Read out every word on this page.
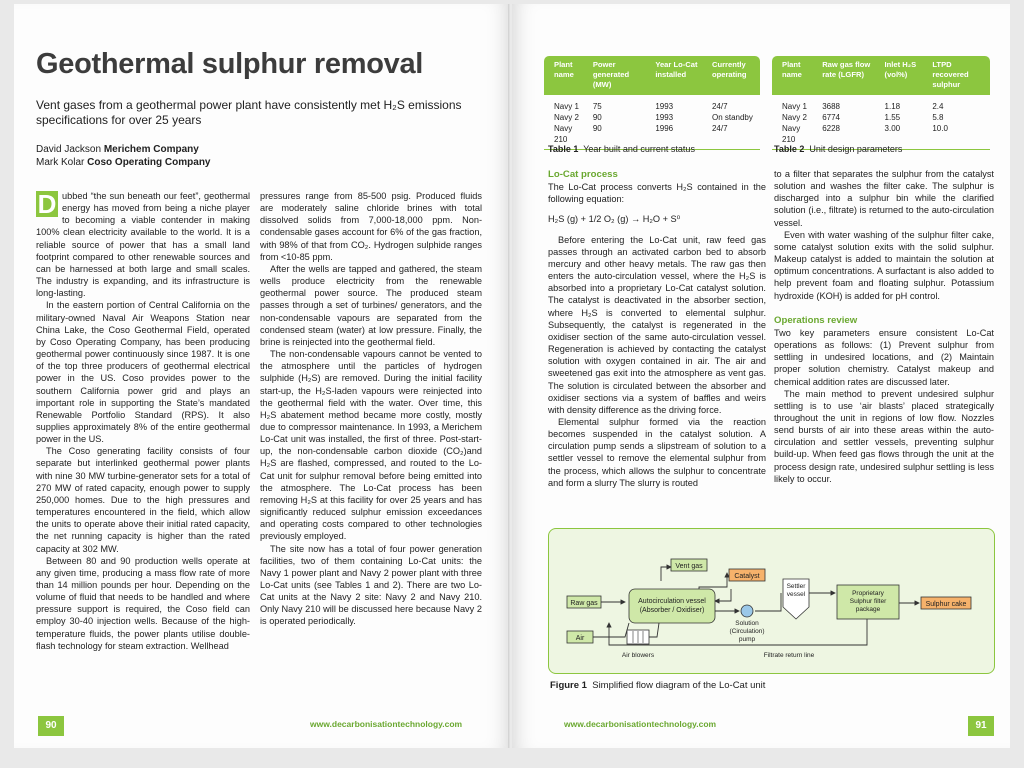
Geothermal sulphur removal
Vent gases from a geothermal power plant have consistently met H₂S emissions specifications for over 25 years
David Jackson Merichem Company
Mark Kolar Coso Operating Company

D ubbed “the sun beneath our feet”, geothermal energy has moved from being a niche player to becoming a viable contender in making 100% clean electricity available to the world. It is a reliable source of power that has a small land footprint compared to other renewable sources and can be harnessed at both large and small scales. The industry is expanding, and its infrastructure is long-lasting.

In the eastern portion of Central California on the military-owned Naval Air Weapons Station near China Lake, the Coso Geothermal Field, operated by Coso Operating Company, has been producing geothermal power continuously since 1987. It is one of the top three producers of geothermal electrical power in the US. Coso provides power to the southern California power grid and plays an important role in supporting the State’s mandated Renewable Portfolio Standard (RPS). It also supplies approximately 8% of the entire geothermal power in the US.

The Coso generating facility consists of four separate but interlinked geothermal power plants with nine 30 MW turbine-generator sets for a total of 270 MW of rated capacity, enough power to supply 250,000 homes. Due to the high pressures and temperatures encountered in the field, which allow the units to operate above their initial rated capacity, the net running capacity is higher than the rated capacity at 302 MW.

Between 80 and 90 production wells operate at any given time, producing a mass flow rate of more than 14 million pounds per hour. Depending on the volume of fluid that needs to be handled and where pressure support is required, the Coso field can employ 30-40 injection wells. Because of the high-temperature fluids, the power plants utilise double-flash technology for steam extraction. Wellhead

pressures range from 85-500 psig. Produced fluids are moderately saline chloride brines with total dissolved solids from 7,000-18,000 ppm. Non-condensable gases account for 6% of the gas fraction, with 98% of that from CO₂. Hydrogen sulphide ranges from <10-85 ppm.

After the wells are tapped and gathered, the steam wells produce electricity from the renewable geothermal power source. The produced steam passes through a set of turbines/ generators, and the non-condensable vapours are separated from the condensed steam (water) at low pressure. Finally, the brine is reinjected into the geothermal field.

The non-condensable vapours cannot be vented to the atmosphere until the particles of hydrogen sulphide (H₂S) are removed. During the initial facility start-up, the H₂S-laden vapours were reinjected into the geothermal field with the water. Over time, this H₂S abatement method became more costly, mostly due to compressor maintenance. In 1993, a Merichem Lo-Cat unit was installed, the first of three. Post-start-up, the non-condensable carbon dioxide (CO₂)and H₂S are flashed, compressed, and routed to the Lo-Cat unit for sulphur removal before being emitted into the atmosphere. The Lo-Cat process has been removing H₂S at this facility for over 25 years and has significantly reduced sulphur emission exceedances and operating costs compared to other technologies previously employed.

The site now has a total of four power generation facilities, two of them containing Lo-Cat units: the Navy 1 power plant and Navy 2 power plant with three Lo-Cat units (see Tables 1 and 2). There are two Lo-Cat units at the Navy 2 site: Navy 2 and Navy 210. Only Navy 210 will be discussed here because Navy 2 is operated periodically.

90	www.decarbonisationtechnology.com
Plant name	Power generated (MW)	Year Lo-Cat installed	Currently operating
Navy 1	75	1993	24/7
Navy 2	90	1993	On standby
Navy 210	90	1996	24/7
Table 1 Year built and current status
Plant name	Raw gas flow rate (LGFR)	Inlet H₂S (vol%)	LTPD recovered sulphur
Navy 1	3688	1.18	2.4
Navy 2	6774	1.55	5.8
Navy 210	6228	3.00	10.0
Table 2 Unit design parameters

Lo-Cat process

The Lo-Cat process converts H₂S contained in the following equation:

H₂S (g) + 1/2 O₂ (g) → H₂O + S⁰

Before entering the Lo-Cat unit, raw feed gas passes through an activated carbon bed to absorb mercury and other heavy metals. The raw gas then enters the auto-circulation vessel, where the H₂S is absorbed into a proprietary Lo-Cat catalyst solution. The catalyst is deactivated in the absorber section, where H₂S is converted to elemental sulphur. Subsequently, the catalyst is regenerated in the oxidiser section of the same auto-circulation vessel. Regeneration is achieved by contacting the catalyst solution with oxygen contained in air. The air and sweetened gas exit into the atmosphere as vent gas. The solution is circulated between the absorber and oxidiser sections via a system of baffles and weirs with density difference as the driving force.

Elemental sulphur formed via the reaction becomes suspended in the catalyst solution. A circulation pump sends a slipstream of solution to a settler vessel to remove the elemental sulphur from the process, which allows the sulphur to concentrate and form a slurry The slurry is routed

to a filter that separates the sulphur from the catalyst solution and washes the filter cake. The sulphur is discharged into a sulphur bin while the clarified solution (i.e., filtrate) is returned to the auto-circulation vessel.

Even with water washing of the sulphur filter cake, some catalyst solution exits with the solid sulphur. Makeup catalyst is added to maintain the solution at optimum concentrations. A surfactant is also added to help prevent foam and floating sulphur. Potassium hydroxide (KOH) is added for pH control.

Operations review

Two key parameters ensure consistent Lo-Cat operations as follows: (1) Prevent sulphur from settling in undesired locations, and (2) Maintain proper solution chemistry. Catalyst makeup and chemical addition rates are discussed later.

The main method to prevent undesired sulphur settling is to use ‘air blasts’ placed strategically throughout the unit in regions of low flow. Nozzles send bursts of air into these areas within the auto-circulation and settler vessels, preventing sulphur build-up. When feed gas flows through the unit at the process design rate, undesired sulphur settling is less likely to occur.

Vent gas
Catalyst
Raw gas	Autocirculation vessel
(Absorber / Oxidiser)
Solution
(Circulation)
pump
Settler
vessel	Proprietary
Sulphur filter
package
Sulphur cake
Air
Air blowers	Filtrate return line
Figure 1 Simplified flow diagram of the Lo-Cat unit
www.decarbonisationtechnology.com	91
